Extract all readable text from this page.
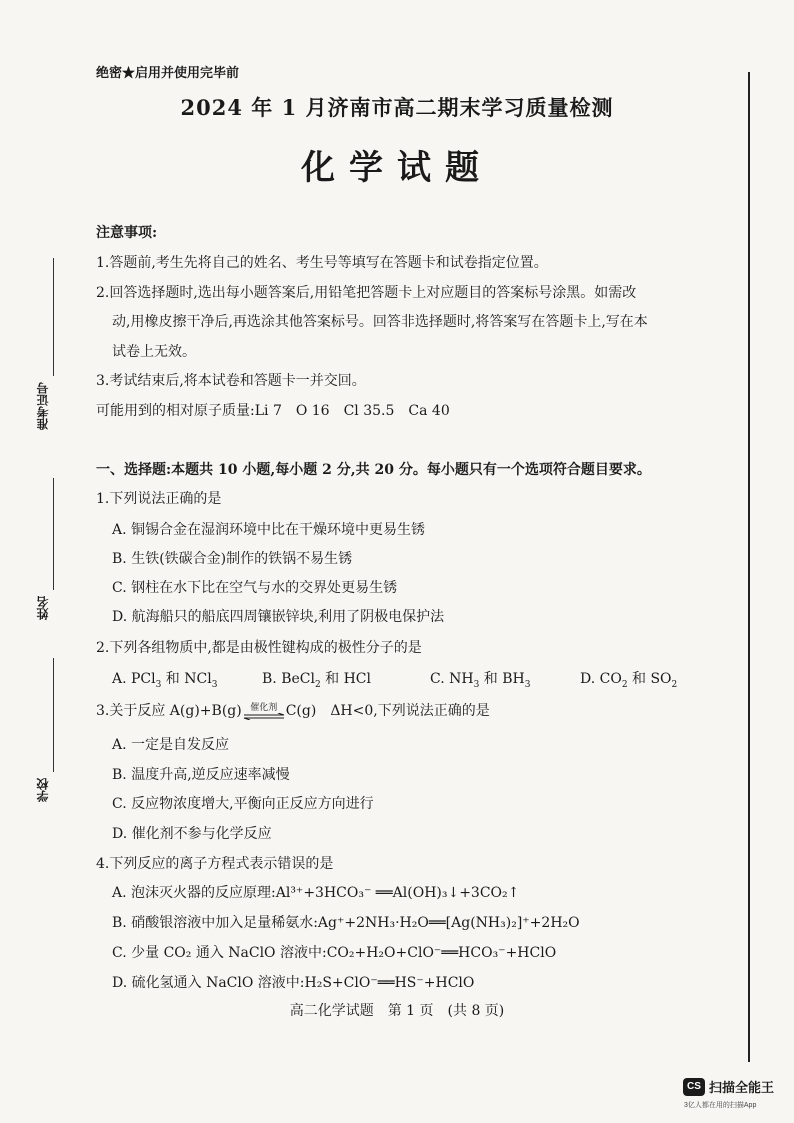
绝密★启用并使用完毕前
2024 年 1 月济南市高二期末学习质量检测
化学试题
准考证号
姓名
学校
注意事项:
1.答题前,考生先将自己的姓名、考生号等填写在答题卡和试卷指定位置。
2.回答选择题时,选出每小题答案后,用铅笔把答题卡上对应题目的答案标号涂黑。如需改
动,用橡皮擦干净后,再选涂其他答案标号。回答非选择题时,将答案写在答题卡上,写在本
试卷上无效。
3.考试结束后,将本试卷和答题卡一并交回。
可能用到的相对原子质量:Li 7　O 16　Cl 35.5　Ca 40
一、选择题:本题共 10 小题,每小题 2 分,共 20 分。每小题只有一个选项符合题目要求。
1.下列说法正确的是
A. 铜锡合金在湿润环境中比在干燥环境中更易生锈
B. 生铁(铁碳合金)制作的铁锅不易生锈
C. 钢柱在水下比在空气与水的交界处更易生锈
D. 航海船只的船底四周镶嵌锌块,利用了阴极电保护法
2.下列各组物质中,都是由极性键构成的极性分子的是
A. PCl$_3$ 和 NCl$_3$	B. BeCl$_2$ 和 HCl	C. $NH_3$ 和 $BH_3$	D. $CO_2$ 和 $SO_2$
3.关于反应 A(g)+B(g) 催化剂 C(g)　ΔH<0,下列说法正确的是
A. 一定是自发反应
B. 温度升高,逆反应速率减慢
C. 反应物浓度增大,平衡向正反应方向进行
D. 催化剂不参与化学反应
4.下列反应的离子方程式表示错误的是
A. 泡沫灭火器的反应原理:Al³⁺+3HCO₃⁻ ══Al(OH)₃↓+3CO₂↑
B. 硝酸银溶液中加入足量稀氨水:Ag⁺+2NH₃·H₂O══[Ag(NH₃)₂]⁺+2H₂O
C. 少量 CO₂ 通入 NaClO 溶液中:CO₂+H₂O+ClO⁻══HCO₃⁻+HClO
D. 硫化氢通入 NaClO 溶液中:H₂S+ClO⁻══HS⁻+HClO
高二化学试题　第 1 页　(共 8 页)
CS 扫描全能王
3亿人都在用的扫描App
